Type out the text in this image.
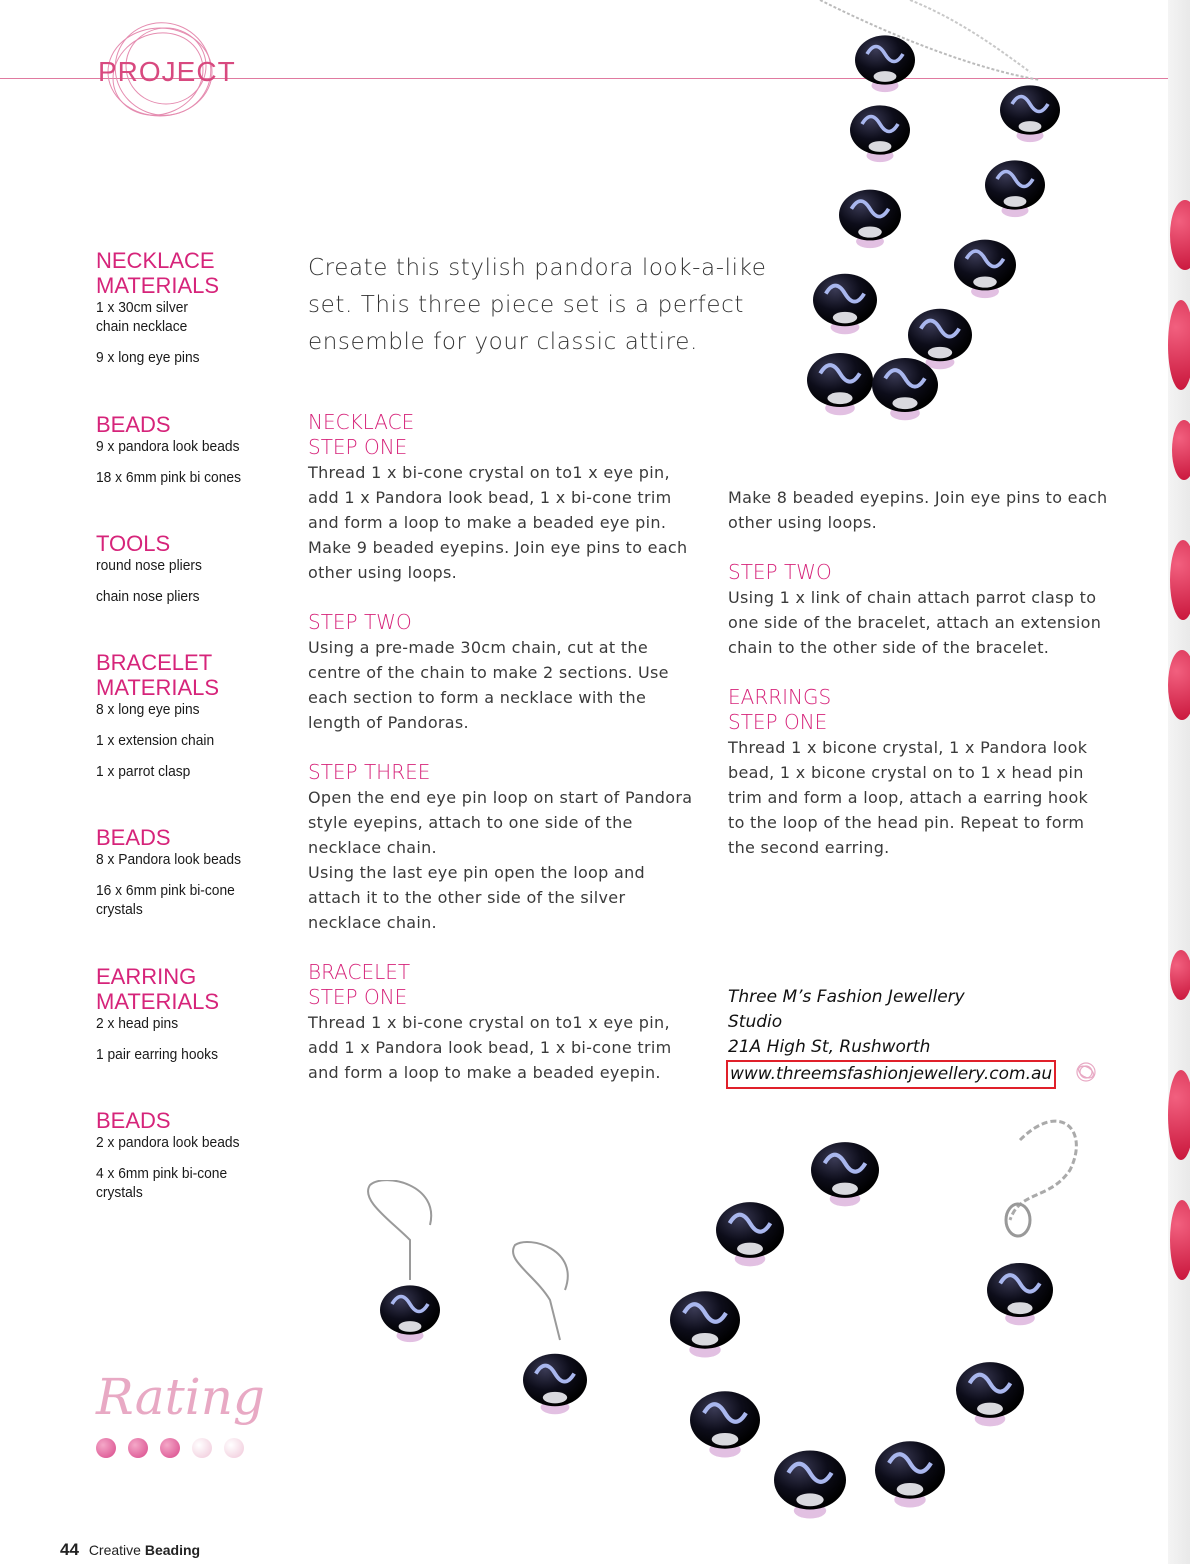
PROJECT

NECKLACE

MATERIALS

1 x 30cm silver chain necklace

9 x long eye pins

BEADS

9 x pandora look beads

18 x 6mm pink bi cones

TOOLS

round nose pliers

chain nose pliers

BRACELET

MATERIALS

8 x long eye pins

1 x extension chain

1 x parrot clasp

BEADS

8 x Pandora look beads

16 x 6mm pink bi-cone crystals

EARRING

MATERIALS

2 x head pins

1 pair earring hooks

BEADS

2 x pandora look beads

4 x 6mm pink bi-cone crystals

Create this stylish pandora look-a-like set. This three piece set is a perfect ensemble for your classic attire.

NECKLACE

STEP ONE

Thread 1 x bi-cone crystal on to1 x eye pin, add 1 x Pandora look bead, 1 x bi-cone trim and form a loop to make a beaded eye pin. Make 9 beaded eyepins. Join eye pins to each other using loops.

STEP TWO

Using a pre-made 30cm chain, cut at the centre of the chain to make 2 sections. Use each section to form a necklace with the length of Pandoras.

STEP THREE

Open the end eye pin loop on start of Pandora style eyepins, attach to one side of the necklace chain.

Using the last eye pin open the loop and attach it to the other side of the silver necklace chain.

BRACELET

STEP ONE

Thread 1 x bi-cone crystal on to1 x eye pin, add 1 x Pandora look bead, 1 x bi-cone trim and form a loop to make a beaded eyepin.

Make 8 beaded eyepins. Join eye pins to each other using loops.

STEP TWO

Using 1 x link of chain attach parrot clasp to one side of the bracelet, attach an extension chain to the other side of the bracelet.

EARRINGS

STEP ONE

Thread 1 x bicone crystal, 1 x Pandora look bead, 1 x bicone crystal on to 1 x head pin trim and form a loop, attach a earring hook to the loop of the head pin. Repeat to form the second earring.

Three M’s Fashion Jewellery

Studio

21A High St, Rushworth

www.threemsfashionjewellery.com.au

Rating
44 Creative Beading
